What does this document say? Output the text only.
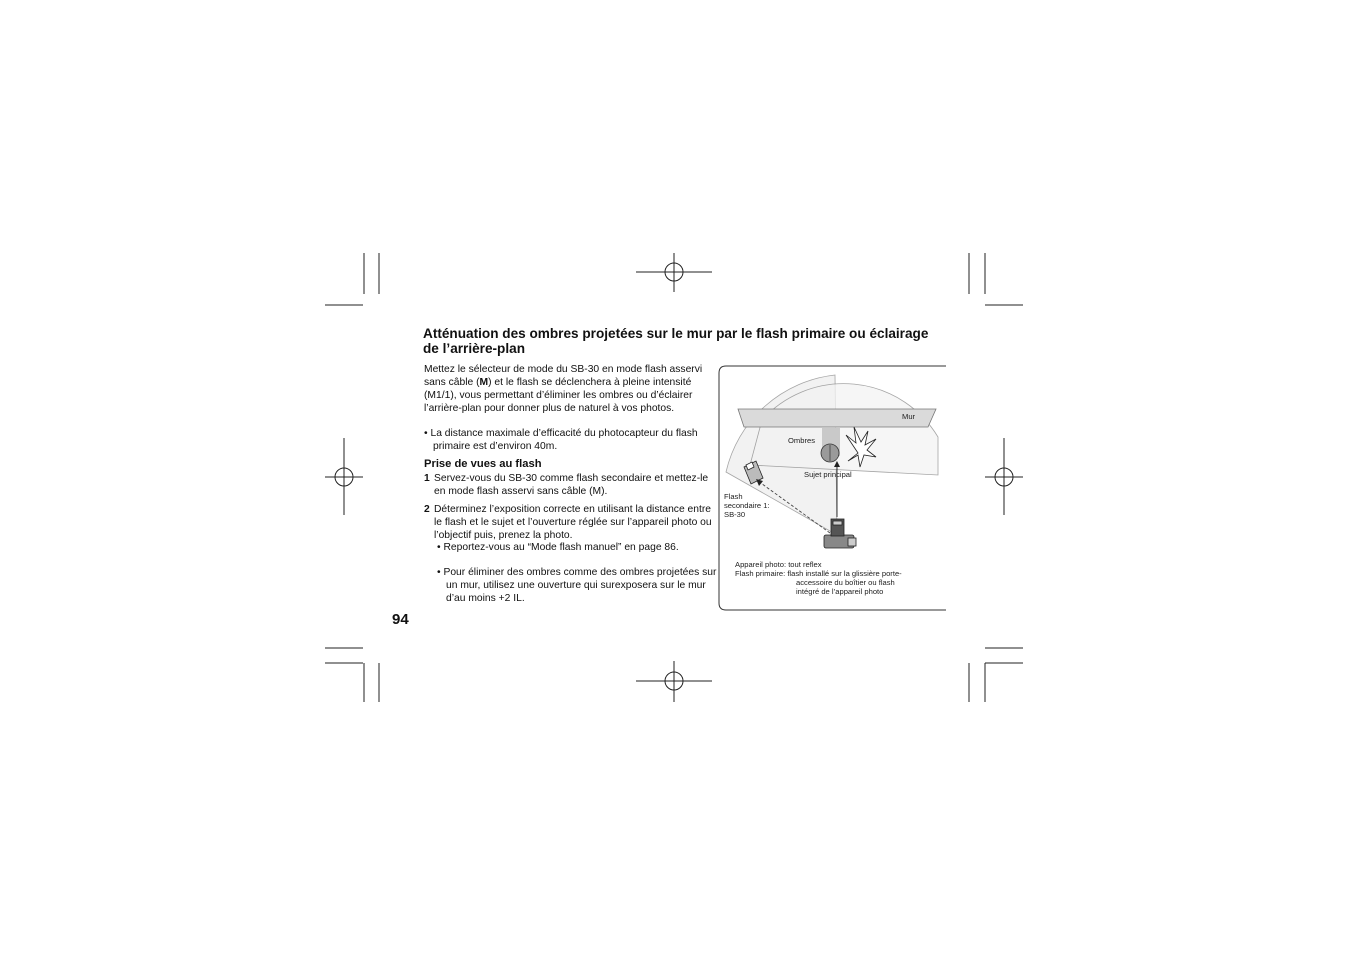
Atténuation des ombres projetées sur le mur par le flash primaire ou éclairage de l’arrière-plan

Mettez le sélecteur de mode du SB-30 en mode flash asservi sans câble (M) et le flash se déclenchera à pleine intensité (M1/1), vous permettant d’éliminer les ombres ou d’éclairer l’arrière-plan pour donner plus de naturel à vos photos.

• La distance maximale d’efficacité du photocapteur du flash primaire est d’environ 40m.

Prise de vues au flash
1 Servez-vous du SB-30 comme flash secondaire et mettez-le en mode flash asservi sans câble (M).
2 Déterminez l’exposition correcte en utilisant la distance entre le flash et le sujet et l’ouverture réglée sur l’appareil photo ou l’objectif puis, prenez la photo.

• Reportez-vous au “Mode flash manuel” en page 86.

• Pour éliminer des ombres comme des ombres projetées sur un mur, utilisez une ouverture qui surexposera sur le mur d’au moins +2 IL.

94
Mur
Ombres
Sujet principal
Flash secondaire 1: SB-30
Appareil photo: tout reflex
Flash primaire: flash installé sur la glissière porte- accessoire du boîtier ou flash intégré de l’appareil photo
